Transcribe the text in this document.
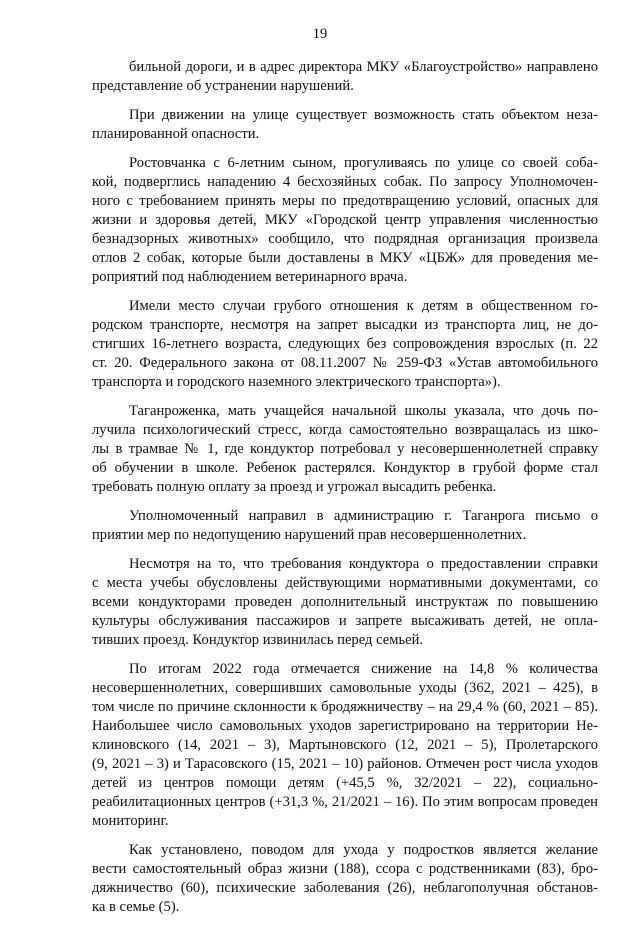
19

бильной дороги, и в адрес директора МКУ «Благоустройство» направлено
представление об устранении нарушений.

При движении на улице существует возможность стать объектом неза-
планированной опасности.

Ростовчанка с 6-летним сыном, прогуливаясь по улице со своей соба-
кой, подверглись нападению 4 бесхозяйных собак. По запросу Уполномочен-
ного с требованием принять меры по предотвращению условий, опасных для
жизни и здоровья детей, МКУ «Городской центр управления численностью
безнадзорных животных» сообщило, что подрядная организация произвела
отлов 2 собак, которые были доставлены в МКУ «ЦБЖ» для проведения ме-
роприятий под наблюдением ветеринарного врача.

Имели место случаи грубого отношения к детям в общественном го-
родском транспорте, несмотря на запрет высадки из транспорта лиц, не до-
стигших 16-летнего возраста, следующих без сопровождения взрослых (п. 22
ст. 20. Федерального закона от 08.11.2007 № 259-ФЗ «Устав автомобильного
транспорта и городского наземного электрического транспорта»).

Таганроженка, мать учащейся начальной школы указала, что дочь по-
лучила психологический стресс, когда самостоятельно возвращалась из шко-
лы в трамвае № 1, где кондуктор потребовал у несовершеннолетней справку
об обучении в школе. Ребенок растерялся. Кондуктор в грубой форме стал
требовать полную оплату за проезд и угрожал высадить ребенка.

Уполномоченный направил в администрацию г. Таганрога письмо о
приятии мер по недопущению нарушений прав несовершеннолетних.

Несмотря на то, что требования кондуктора о предоставлении справки
с места учебы обусловлены действующими нормативными документами, со
всеми кондукторами проведен дополнительный инструктаж по повышению
культуры обслуживания пассажиров и запрете высаживать детей, не опла-
тивших проезд. Кондуктор извинилась перед семьей.

По итогам 2022 года отмечается снижение на 14,8 % количества
несовершеннолетних, совершивших самовольные уходы (362, 2021 – 425), в
том числе по причине склонности к бродяжничеству – на 29,4 % (60, 2021 – 85).
Наибольшее число самовольных уходов зарегистрировано на территории Не-
клиновского (14, 2021 – 3), Мартыновского (12, 2021 – 5), Пролетарского
(9, 2021 – 3) и Тарасовского (15, 2021 – 10) районов. Отмечен рост числа уходов
детей из центров помощи детям (+45,5 %, 32/2021 – 22), социально-
реабилитационных центров (+31,3 %, 21/2021 – 16). По этим вопросам проведен
мониторинг.

Как установлено, поводом для ухода у подростков является желание
вести самостоятельный образ жизни (188), ссора с родственниками (83), бро-
дяжничество (60), психические заболевания (26), неблагополучная обстанов-
ка в семье (5).
